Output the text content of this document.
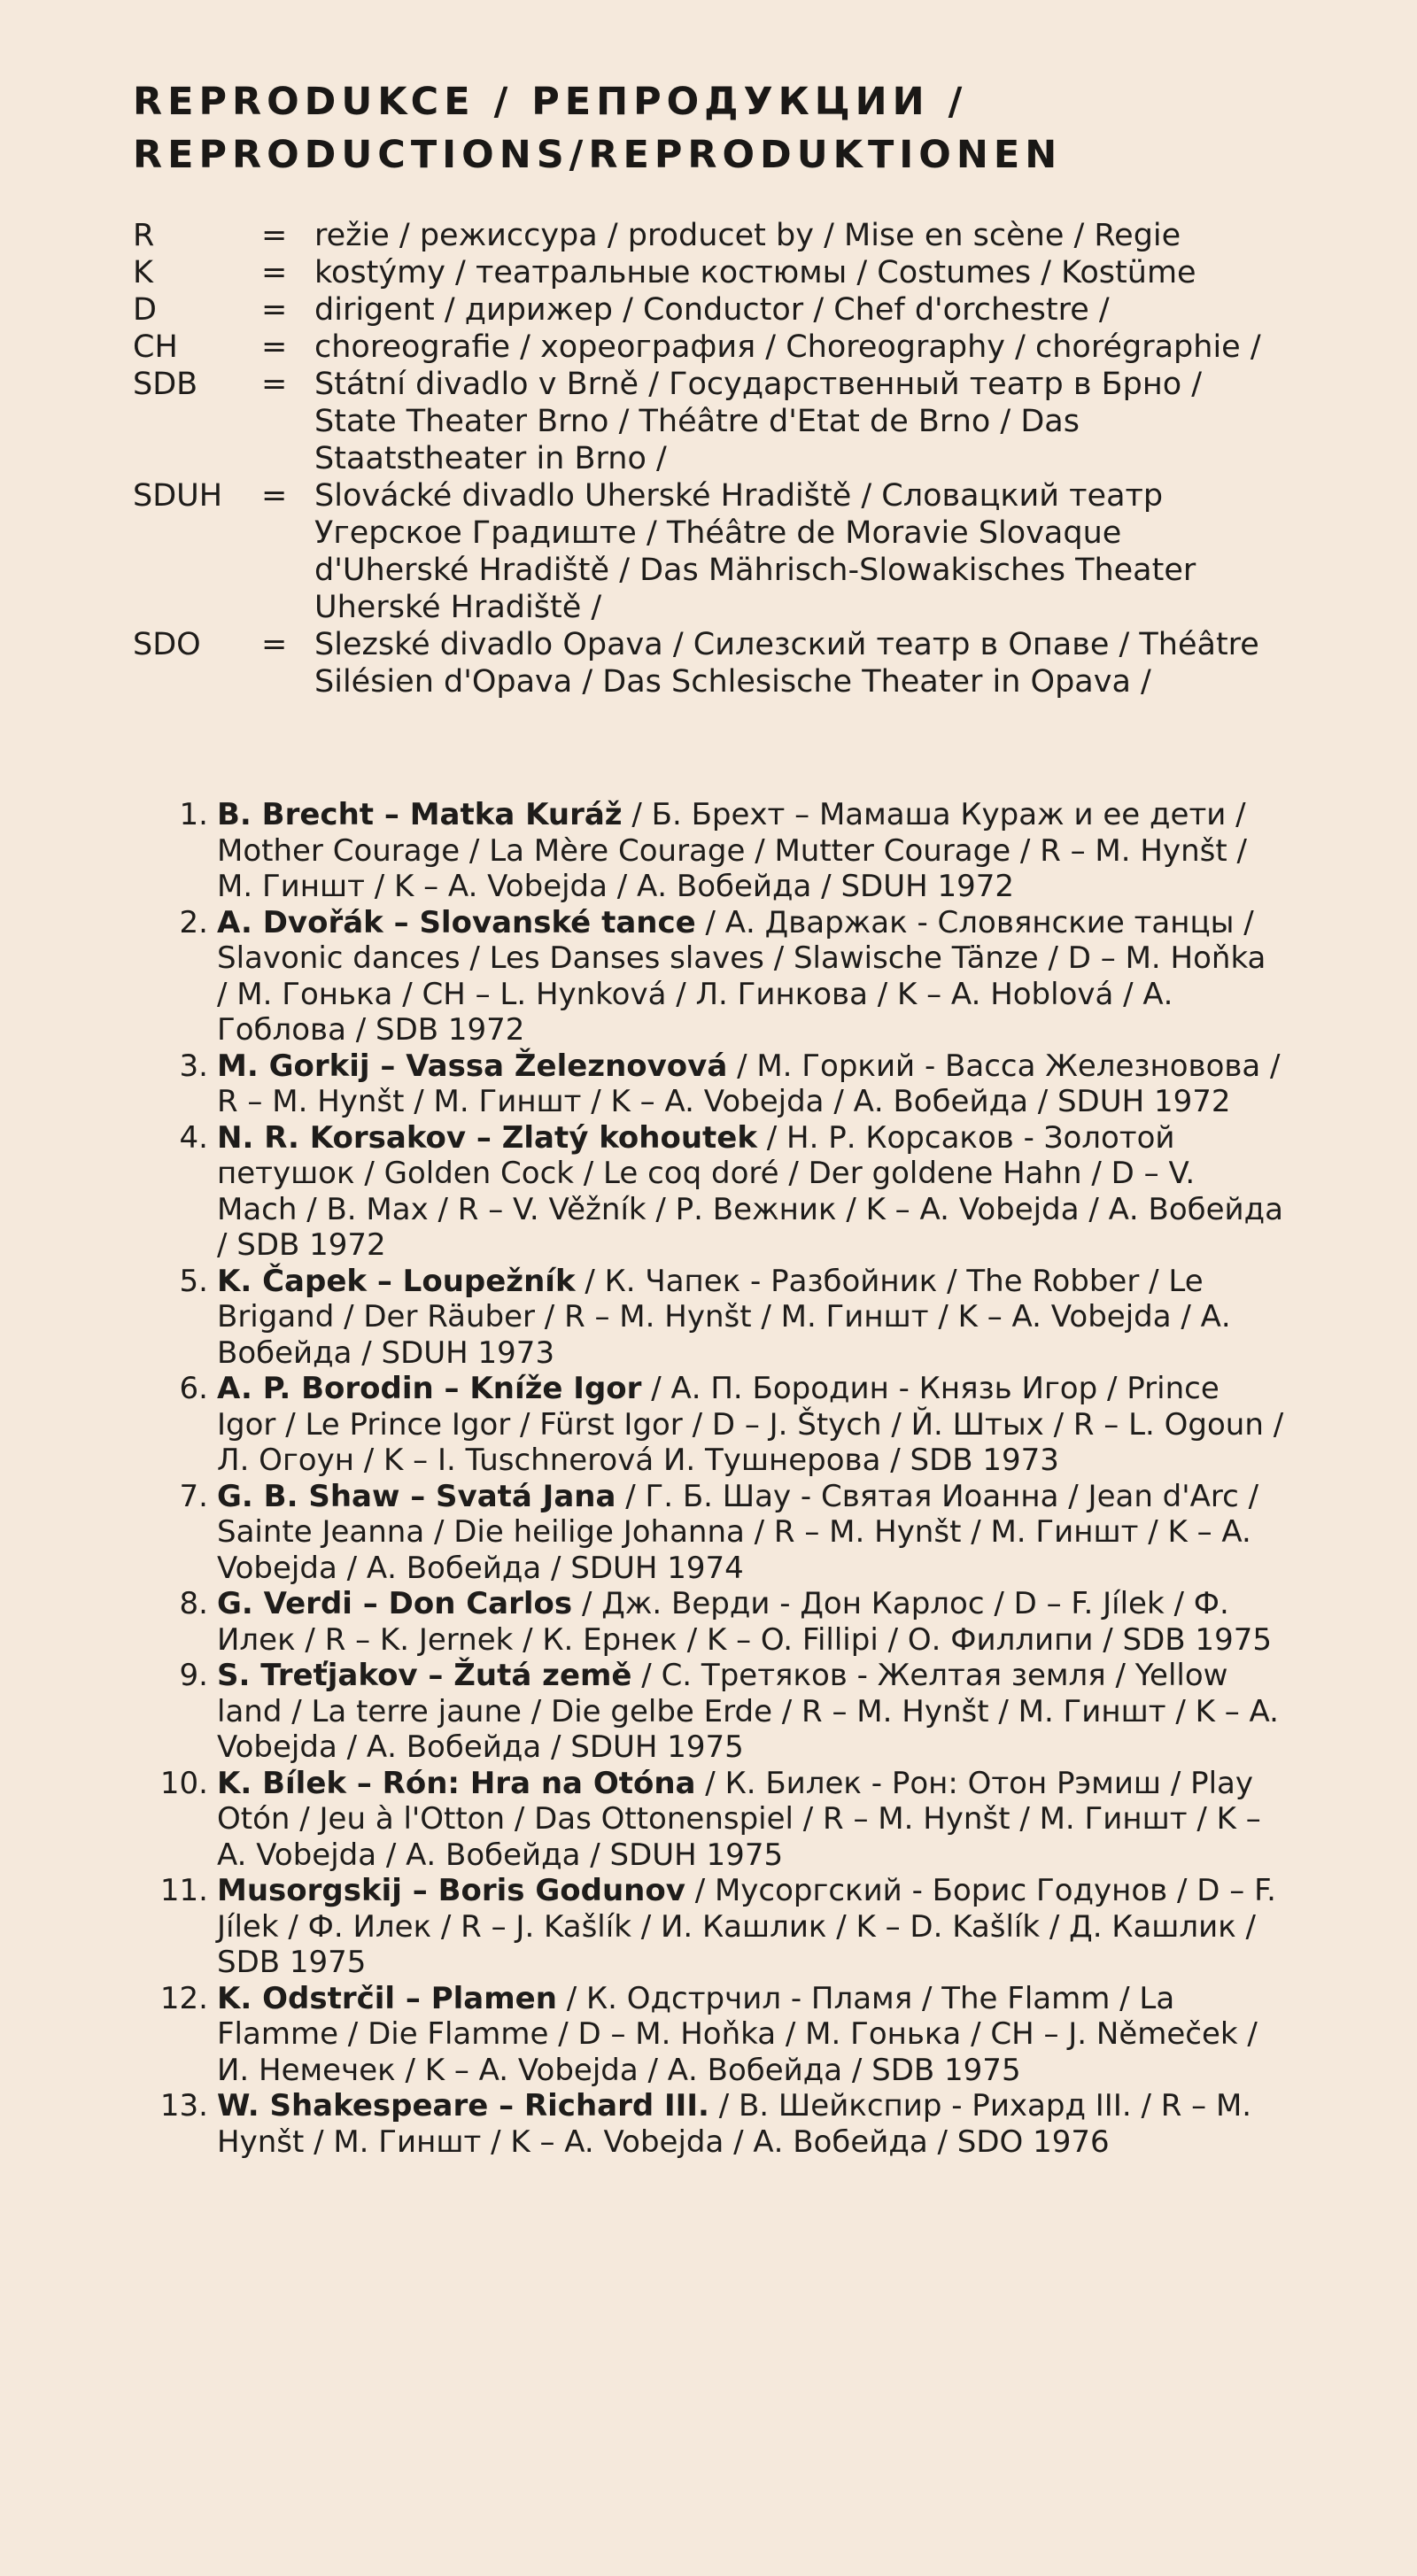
REPRODUKCE / РЕПРОДУКЦИИ /
REPRODUCTIONS/REPRODUKTIONEN
R	= režie / режиссура / producet by / Mise en scène / Regie
K	= kostýmy / театральные костюмы / Costumes / Kostüme
D	= dirigent / дирижер / Conductor / Chef d'orchestre /
CH	= choreografie / хореография / Choreography / chorégraphie /
SDB	= Státní divadlo v Brně / Государственный театр в Брно / State Theater Brno / Théâtre d'Etat de Brno / Das Staatstheater in Brno /
SDUH	= Slovácké divadlo Uherské Hradiště / Словацкий театр Угерское Градиште / Théâtre de Moravie Slovaque d'Uherské Hradiště / Das Mährisch-Slowakisches Theater Uherské Hradiště /
SDO	= Slezské divadlo Opava / Силезский театр в Опаве / Théâtre Silésien d'Opava / Das Schlesische Theater in Opava /
1. B. Brecht – Matka Kuráž / Б. Брехт – Мамаша Кураж и ее дети / Mother Courage / La Mère Courage / Mutter Courage / R – M. Hynšt / М. Гиншт / K – A. Vobejda / А. Вобейда / SDUH 1972
2. A. Dvořák – Slovanské tance / А. Дваржак - Словянские танцы / Slavonic dances / Les Danses slaves / Slawische Tänze / D – M. Hoňka / М. Гонька / CH – L. Hynková / Л. Гинкова / K – A. Hoblová / А. Гоблова / SDB 1972
3. M. Gorkij – Vassa Železnovová / М. Горкий - Васса Железновова / R – M. Hynšt / М. Гиншт / K – A. Vobejda / А. Вобейда / SDUH 1972
4. N. R. Korsakov – Zlatý kohoutek / Н. Р. Корсаков - Золотой петушок / Golden Cock / Le coq doré / Der goldene Hahn / D – V. Mach / В. Мах / R – V. Věžník / Р. Вежник / K – A. Vobejda / А. Вобейда / SDB 1972
5. K. Čapek – Loupežník / К. Чапек - Разбойник / The Robber / Le Brigand / Der Räuber / R – M. Hynšt / М. Гиншт / K – A. Vobejda / А. Вобейда / SDUH 1973
6. A. P. Borodin – Kníže Igor / А. П. Бородин - Князь Игор / Prince Igor / Le Prince Igor / Fürst Igor / D – J. Štych / Й. Штых / R – L. Ogoun / Л. Огоун / K – I. Tuschnerová И. Тушнерова / SDB 1973
7. G. B. Shaw – Svatá Jana / Г. Б. Шау - Святая Иоанна / Jean d'Arc / Sainte Jeanna / Die heilige Johanna / R – M. Hynšt / М. Гиншт / K – A. Vobejda / А. Вобейда / SDUH 1974
8. G. Verdi – Don Carlos / Дж. Верди - Дон Карлос / D – F. Jílek / Ф. Илек / R – K. Jernek / К. Ернек / K – O. Fillipi / О. Филлипи / SDB 1975
9. S. Treťjakov – Žutá země / С. Третяков - Желтая земля / Yellow land / La terre jaune / Die gelbe Erde / R – M. Hynšt / М. Гиншт / K – A. Vobejda / А. Вобейда / SDUH 1975
10. K. Bílek – Rón: Hra na Otóna / К. Билек - Рон: Отон Рэмиш / Play Otón / Jeu à l'Otton / Das Ottonenspiel / R – M. Hynšt / М. Гиншт / K – A. Vobejda / А. Вобейда / SDUH 1975
11. Musorgskij – Boris Godunov / Мусоргский - Борис Годунов / D – F. Jílek / Ф. Илек / R – J. Kašlík / И. Кашлик / K – D. Kašlík / Д. Кашлик / SDB 1975
12. K. Odstrčil – Plamen / К. Одстрчил - Пламя / The Flamm / La Flamme / Die Flamme / D – M. Hoňka / М. Гонька / CH – J. Němeček / И. Немечек / K – A. Vobejda / А. Вобейда / SDB 1975
13. W. Shakespeare – Richard III. / В. Шейкспир - Рихард III. / R – M. Hynšt / М. Гиншт / K – A. Vobejda / А. Вобейда / SDO 1976
